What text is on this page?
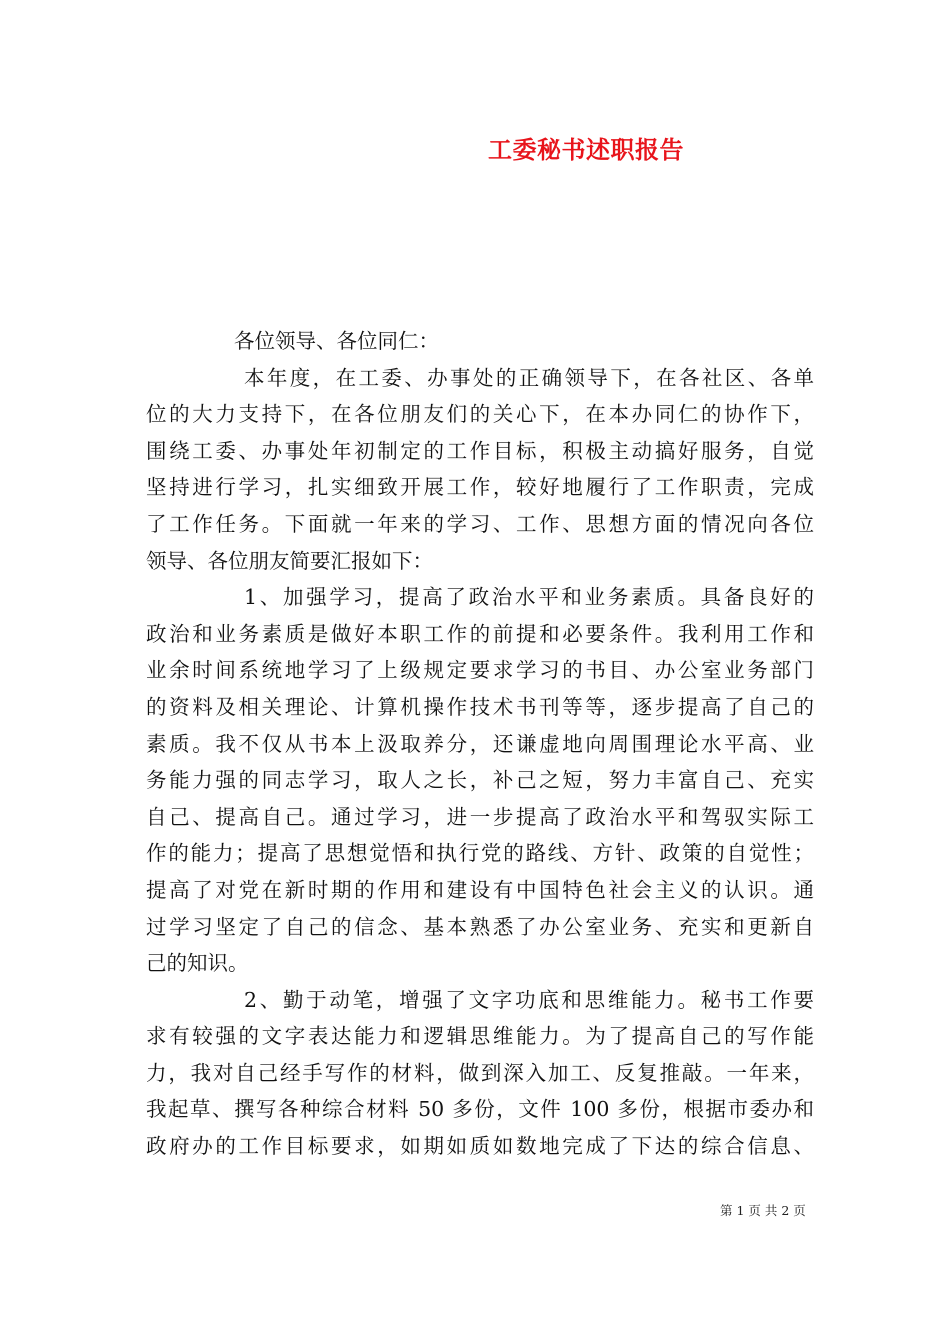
工委秘书述职报告
各位领导、各位同仁：
本年度，在工委、办事处的正确领导下，在各社区、各单
位的大力支持下，在各位朋友们的关心下，在本办同仁的协作下，
围绕工委、办事处年初制定的工作目标，积极主动搞好服务，自觉
坚持进行学习，扎实细致开展工作，较好地履行了工作职责，完成
了工作任务。下面就一年来的学习、工作、思想方面的情况向各位
领导、各位朋友简要汇报如下：
1、加强学习，提高了政治水平和业务素质。具备良好的
政治和业务素质是做好本职工作的前提和必要条件。我利用工作和
业余时间系统地学习了上级规定要求学习的书目、办公室业务部门
的资料及相关理论、计算机操作技术书刊等等，逐步提高了自己的
素质。我不仅从书本上汲取养分，还谦虚地向周围理论水平高、业
务能力强的同志学习，取人之长，补己之短，努力丰富自己、充实
自己、提高自己。通过学习，进一步提高了政治水平和驾驭实际工
作的能力；提高了思想觉悟和执行党的路线、方针、政策的自觉性；
提高了对党在新时期的作用和建设有中国特色社会主义的认识。通
过学习坚定了自己的信念、基本熟悉了办公室业务、充实和更新自
己的知识。
2、勤于动笔，增强了文字功底和思维能力。秘书工作要
求有较强的文字表达能力和逻辑思维能力。为了提高自己的写作能
力，我对自己经手写作的材料，做到深入加工、反复推敲。一年来，
我起草、撰写各种综合材料 50 多份，文件 100 多份，根据市委办和
政府办的工作目标要求，如期如质如数地完成了下达的综合信息、
第 1 页 共 2 页
